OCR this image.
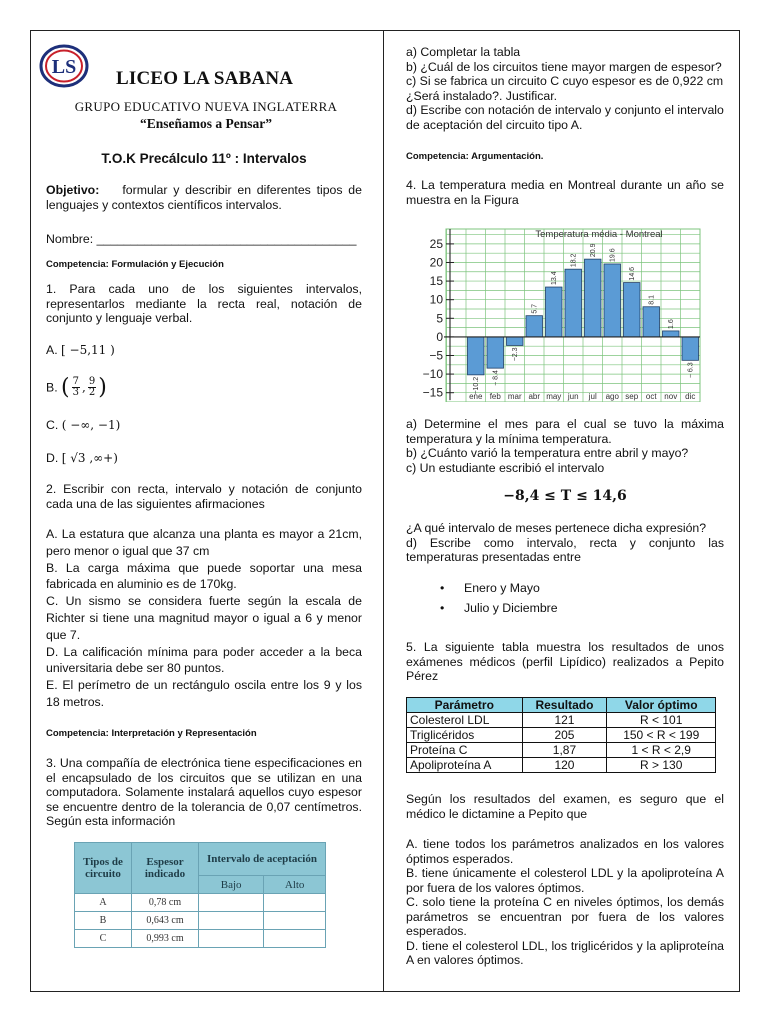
LS
LICEO LA SABANA
GRUPO EDUCATIVO NUEVA INGLATERRA
“Enseñamos a Pensar”
T.O.K Precálculo 11º : Intervalos
Objetivo: formular y describir en diferentes tipos de lenguajes y contextos científicos intervalos.
Nombre: ______________________________________
Competencia: Formulación y Ejecución
1. Para cada uno de los siguientes intervalos, representarlos mediante la recta real, notación de conjunto y lenguaje verbal.
A. [ −5,11 )
B. ( $\frac{7}{3}$ , $\frac{9}{2}$ )
C. ( −∞, −1)
D. [ √3 ,∞+)
2. Escribir con recta, intervalo y notación de conjunto cada una de las siguientes afirmaciones

A. La estatura que alcanza una planta es mayor a 21cm, pero menor o igual que 37 cm

B. La carga máxima que puede soportar una mesa fabricada en aluminio es de 170kg.

C. Un sismo se considera fuerte según la escala de Richter si tiene una magnitud mayor o igual a 6 y menor que 7.

D. La calificación mínima para poder acceder a la beca universitaria debe ser 80 puntos.

E. El perímetro de un rectángulo oscila entre los 9 y los 18 metros.

Competencia: Interpretación y Representación
3. Una compañía de electrónica tiene especificaciones en el encapsulado de los circuitos que se utilizan en una computadora. Solamente instalará aquellos cuyo espesor se encuentre dentro de la tolerancia de 0,07 centímetros. Según esta información
Tipos de circuito	Espesor indicado	Intervalo de aceptación	
		Bajo	Alto
A	0,78 cm		
B	0,643 cm		
C	0,993 cm		

a) Completar la tabla

b) ¿Cuál de los circuitos tiene mayor margen de espesor?

c) Si se fabrica un circuito C cuyo espesor es de 0,922 cm ¿Será instalado?. Justificar.

d) Escribe con notación de intervalo y conjunto el intervalo de aceptación del circuito tipo A.

Competencia: Argumentación.
4. La temperatura media en Montreal durante un año se muestra en la Figura
−10.2 − 8.4
−2.3
5.7
13.4
18.2
20.9 19.6
14.6
8.1
1.6
− 6.3
−15
−10
−5
0
5
10
15
20
25
ene feb mar abr may jun jul ago sep oct nov dic
Temperatura média - Montreal

a) Determine el mes para el cual se tuvo la máxima temperatura y la mínima temperatura.

b) ¿Cuánto varió la temperatura entre abril y mayo?

c) Un estudiante escribió el intervalo

−8,4 ≤ T ≤ 14,6

¿A qué intervalo de meses pertenece dicha expresión?

d) Escribe como intervalo, recta y conjunto las temperaturas presentadas entre

• Enero y Mayo
• Julio y Diciembre
5. La siguiente tabla muestra los resultados de unos exámenes médicos (perfil Lipídico) realizados a Pepito Pérez
Parámetro	Resultado	Valor óptimo
Colesterol LDL	121	R < 101
Triglicéridos	205	150 < R < 199
Proteína C	1,87	1 < R < 2,9
Apoliproteína A	120	R > 130
Según los resultados del examen, es seguro que el médico le dictamine a Pepito que

A. tiene todos los parámetros analizados en los valores óptimos esperados.

B. tiene únicamente el colesterol LDL y la apoliproteína A por fuera de los valores óptimos.

C. solo tiene la proteína C en niveles óptimos, los demás parámetros se encuentran por fuera de los valores esperados.

D. tiene el colesterol LDL, los triglicéridos y la apliproteína A en valores óptimos.
